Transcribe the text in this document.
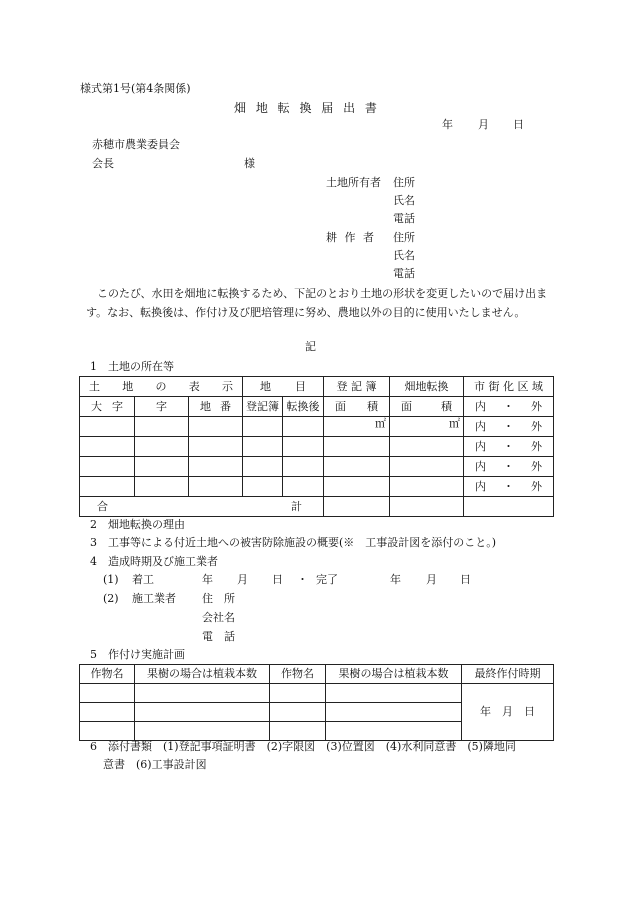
様式第1号(第4条関係)
畑 地 転 換 届 出 書
年 月 日
赤穂市農業委員会
会長	様
土地所有者 住所
氏名
電話
耕 作 者 住所
氏名
電話
このたび、水田を畑地に転換するため、下記のとおり土地の形状を変更したいので届け出ます。なお、転換後は、作付け及び肥培管理に努め、農地以外の目的に使用いたしません。
記
1　土地の所在等
土 地 の 表 示			地 目		登 記 簿	畑地転換	市 街 化 区 域

大 字	字	地 番	登記簿	転換後	面 積	面 積	内 ・ 外

					㎡	㎡	内 ・ 外

							内 ・ 外

							内 ・ 外

							内 ・ 外

合 計							

2　畑地転換の理由
3　工事等による付近土地への被害防除施設の概要(※　工事設計図を添付のこと。)
4　造成時期及び施工業者
(1) 着工	年 月 日 ・ 完了	年 月 日
(2) 施工業者 住　所
会社名
電　話
5　作付け実施計画
作物名	果樹の場合は植栽本数	作物名	果樹の場合は植栽本数	最終作付時期
				年　月　日

6　添付書類　(1)登記事項証明書　(2)字限図　(3)位置図　(4)水利同意書　(5)隣地同
意書　(6)工事設計図
